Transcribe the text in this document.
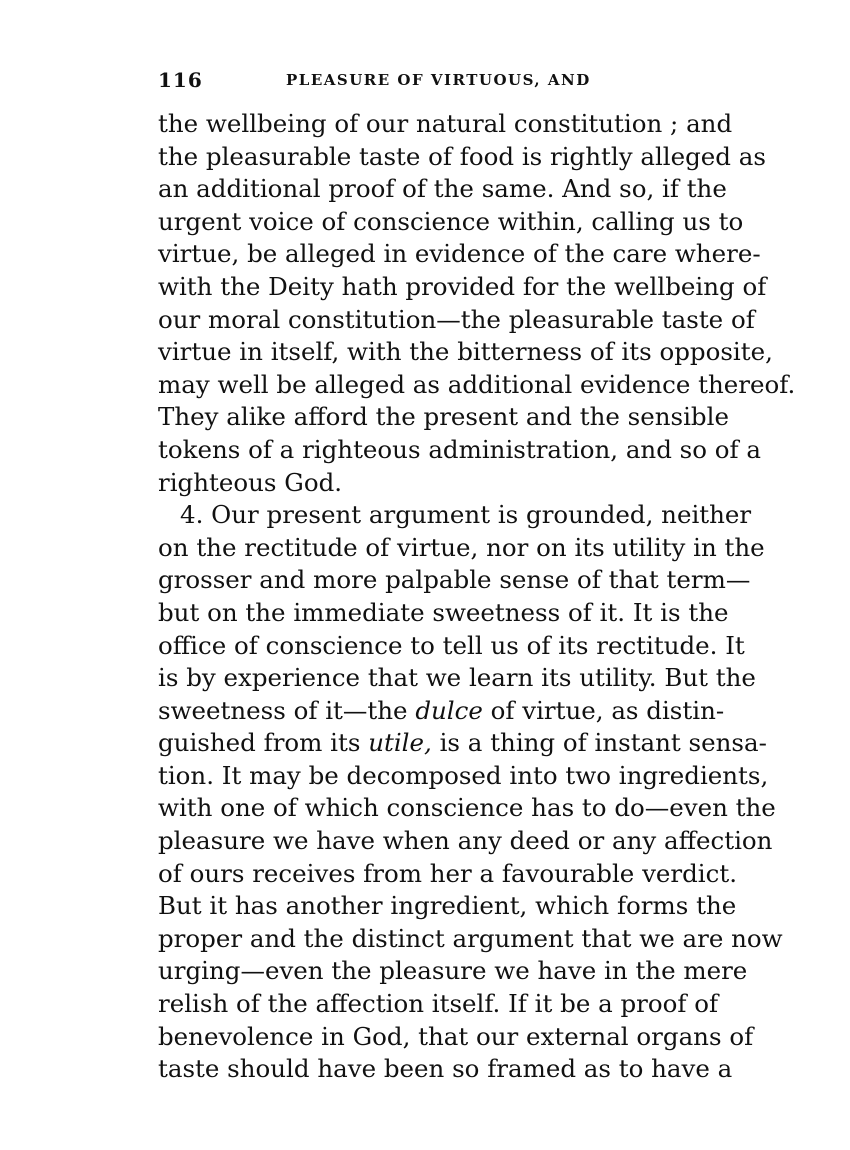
116	PLEASURE OF VIRTUOUS, AND
the wellbeing of our natural constitution ; and
the pleasurable taste of food is rightly alleged as
an additional proof of the same. And so, if the
urgent voice of conscience within, calling us to
virtue, be alleged in evidence of the care where-
with the Deity hath provided for the wellbeing of
our moral constitution—the pleasurable taste of
virtue in itself, with the bitterness of its opposite,
may well be alleged as additional evidence thereof.
They alike afford the present and the sensible
tokens of a righteous administration, and so of a
righteous God.
4. Our present argument is grounded, neither
on the rectitude of virtue, nor on its utility in the
grosser and more palpable sense of that term—
but on the immediate sweetness of it. It is the
office of conscience to tell us of its rectitude. It
is by experience that we learn its utility. But the
sweetness of it—the dulce of virtue, as distin-
guished from its utile, is a thing of instant sensa-
tion. It may be decomposed into two ingredients,
with one of which conscience has to do—even the
pleasure we have when any deed or any affection
of ours receives from her a favourable verdict.
But it has another ingredient, which forms the
proper and the distinct argument that we are now
urging—even the pleasure we have in the mere
relish of the affection itself. If it be a proof of
benevolence in God, that our external organs of
taste should have been so framed as to have a
